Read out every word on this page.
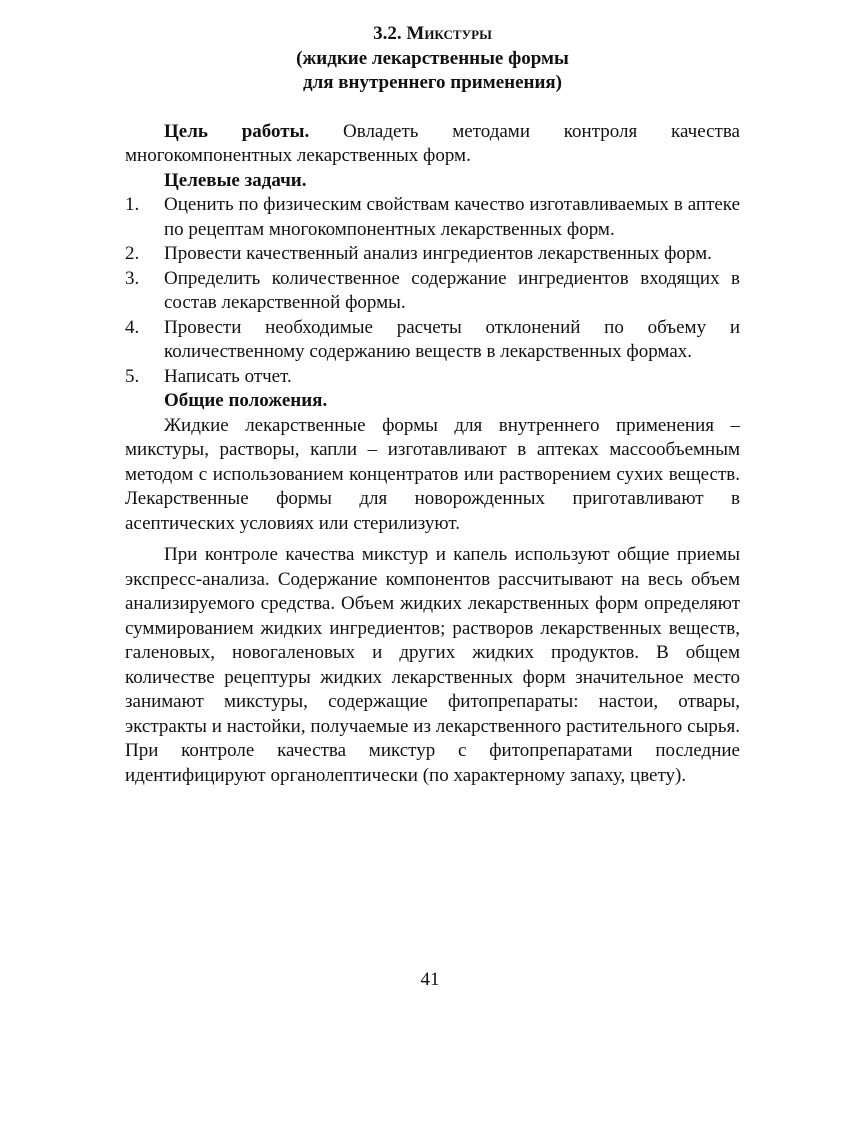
3.2. Микстуры
(жидкие лекарственные формы
для внутреннего применения)

Цель работы. Овладеть методами контроля качества многокомпонентных лекарственных форм.

Целевые задачи.

1. Оценить по физическим свойствам качество изготавливаемых в аптеке по рецептам многокомпонентных лекарственных форм.
2. Провести качественный анализ ингредиентов лекарственных форм.
3. Определить количественное содержание ингредиентов входящих в состав лекарственной формы.
4. Провести необходимые расчеты отклонений по объему и количественному содержанию веществ в лекарственных формах.
5. Написать отчет.

Общие положения.

Жидкие лекарственные формы для внутреннего применения – микстуры, растворы, капли – изготавливают в аптеках массообъемным методом с использованием концентратов или растворением сухих веществ. Лекарственные формы для новорожденных приготавливают в асептических условиях или стерилизуют.

При контроле качества микстур и капель используют общие приемы экспресс-анализа. Содержание компонентов рассчитывают на весь объем анализируемого средства. Объем жидких лекарственных форм определяют суммированием жидких ингредиентов; растворов лекарственных веществ, галеновых, новогаленовых и других жидких продуктов. В общем количестве рецептуры жидких лекарственных форм значительное место занимают микстуры, содержащие фитопрепараты: настои, отвары, экстракты и настойки, получаемые из лекарственного растительного сырья. При контроле качества микстур с фитопрепаратами последние идентифицируют органолептически (по характерному запаху, цвету).

41
